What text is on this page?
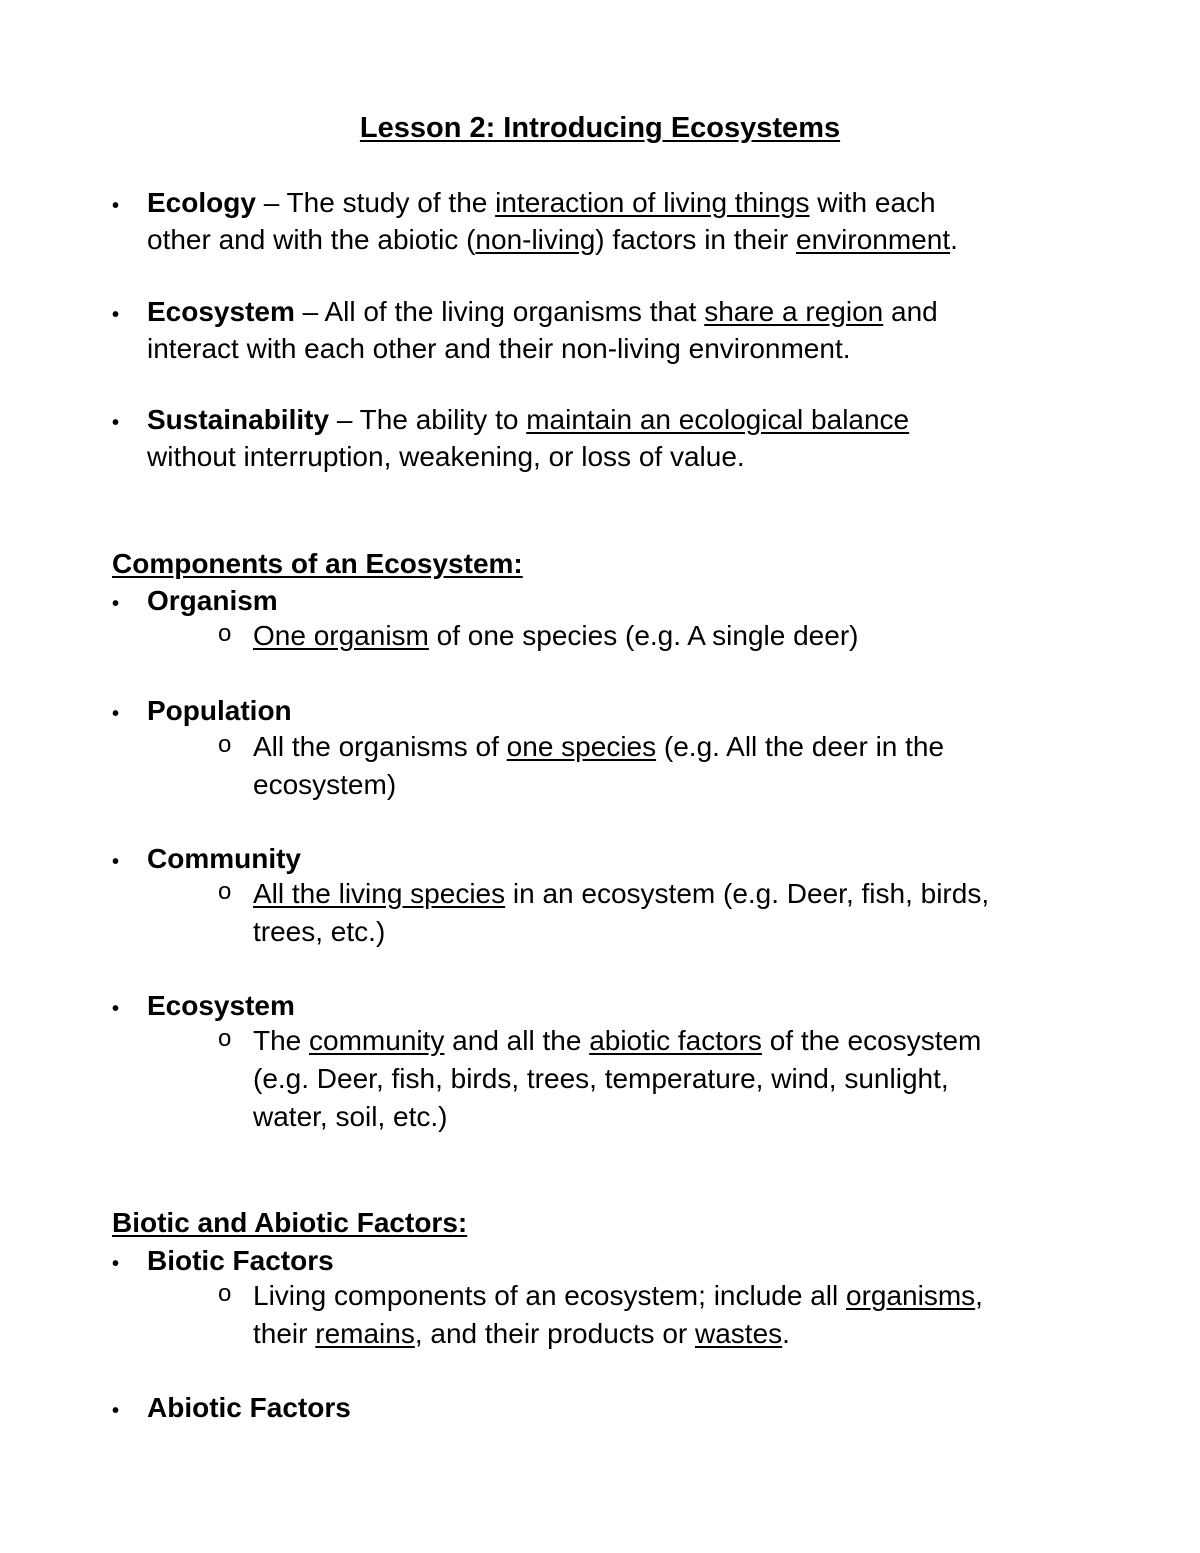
Lesson 2: Introducing Ecosystems
• Ecology – The study of the interaction of living things with each
other and with the abiotic (non-living) factors in their environment.
• Ecosystem – All of the living organisms that share a region and
interact with each other and their non-living environment.
• Sustainability – The ability to maintain an ecological balance
without interruption, weakening, or loss of value.
Components of an Ecosystem:
• Organism
o One organism of one species (e.g. A single deer)
• Population
o All the organisms of one species (e.g. All the deer in the
ecosystem)
• Community
o All the living species in an ecosystem (e.g. Deer, fish, birds,
trees, etc.)
• Ecosystem
o The community and all the abiotic factors of the ecosystem
(e.g. Deer, fish, birds, trees, temperature, wind, sunlight,
water, soil, etc.)
Biotic and Abiotic Factors:
• Biotic Factors
o Living components of an ecosystem; include all organisms,
their remains, and their products or wastes.
• Abiotic Factors
